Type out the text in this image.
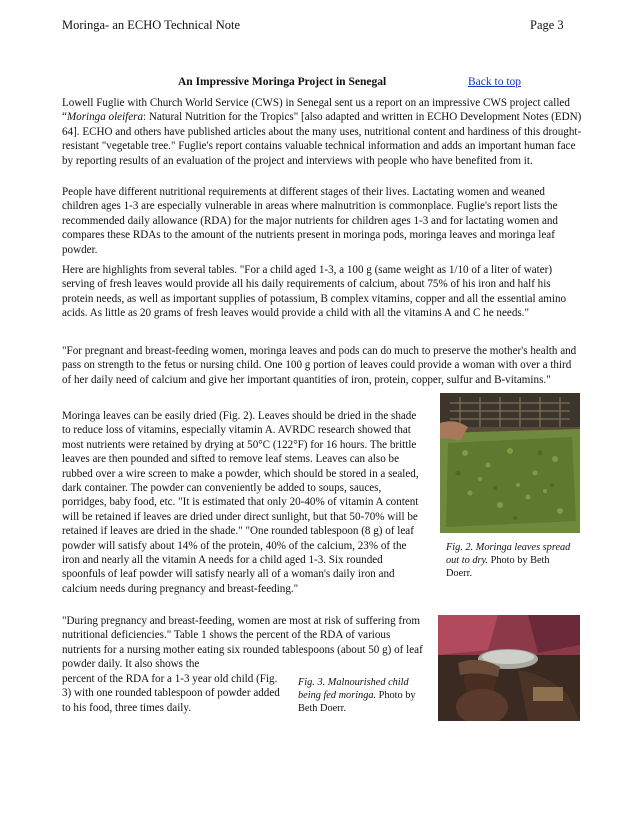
Moringa- an ECHO Technical Note	Page 3
An Impressive Moringa Project in Senegal	Back to top

Lowell Fuglie with Church World Service (CWS) in Senegal sent us a report on an impressive CWS project called “Moringa oleifera: Natural Nutrition for the Tropics" [also adapted and written in ECHO Development Notes (EDN) 64]. ECHO and others have published articles about the many uses, nutritional content and hardiness of this drought-resistant "vegetable tree." Fuglie's report contains valuable technical information and adds an important human face by reporting results of an evaluation of the project and interviews with people who have benefited from it.

People have different nutritional requirements at different stages of their lives. Lactating women and weaned children ages 1-3 are especially vulnerable in areas where malnutrition is commonplace. Fuglie's report lists the recommended daily allowance (RDA) for the major nutrients for children ages 1-3 and for lactating women and compares these RDAs to the amount of the nutrients present in moringa pods, moringa leaves and moringa leaf powder.

Here are highlights from several tables. "For a child aged 1-3, a 100 g (same weight as 1/10 of a liter of water) serving of fresh leaves would provide all his daily requirements of calcium, about 75% of his iron and half his protein needs, as well as important supplies of potassium, B complex vitamins, copper and all the essential amino acids. As little as 20 grams of fresh leaves would provide a child with all the vitamins A and C he needs."

"For pregnant and breast-feeding women, moringa leaves and pods can do much to preserve the mother's health and pass on strength to the fetus or nursing child. One 100 g portion of leaves could provide a woman with over a third of her daily need of calcium and give her important quantities of iron, protein, copper, sulfur and B-vitamins."

Moringa leaves can be easily dried (Fig. 2). Leaves should be dried in the shade to reduce loss of vitamins, especially vitamin A. AVRDC research showed that most nutrients were retained by drying at 50°C (122°F) for 16 hours. The brittle leaves are then pounded and sifted to remove leaf stems. Leaves can also be rubbed over a wire screen to make a powder, which should be stored in a sealed, dark container. The powder can conveniently be added to soups, sauces, porridges, baby food, etc. "It is estimated that only 20-40% of vitamin A content will be retained if leaves are dried under direct sunlight, but that 50-70% will be retained if leaves are dried in the shade." "One rounded tablespoon (8 g) of leaf powder will satisfy about 14% of the protein, 40% of the calcium, 23% of the iron and nearly all the vitamin A needs for a child aged 1-3. Six rounded spoonfuls of leaf powder will satisfy nearly all of a woman's daily iron and calcium needs during pregnancy and breast-feeding."

Fig. 2. Moringa leaves spread out to dry. Photo by Beth Doerr.

"During pregnancy and breast-feeding, women are most at risk of suffering from nutritional deficiencies." Table 1 shows the percent of the RDA of various nutrients for a nursing mother eating six rounded tablespoons (about 50 g) of leaf powder daily. It also shows the

percent of the RDA for a 1-3 year old child (Fig. 3) with one rounded tablespoon of powder added to his food, three times daily.

Fig. 3. Malnourished child being fed moringa. Photo by Beth Doerr.
